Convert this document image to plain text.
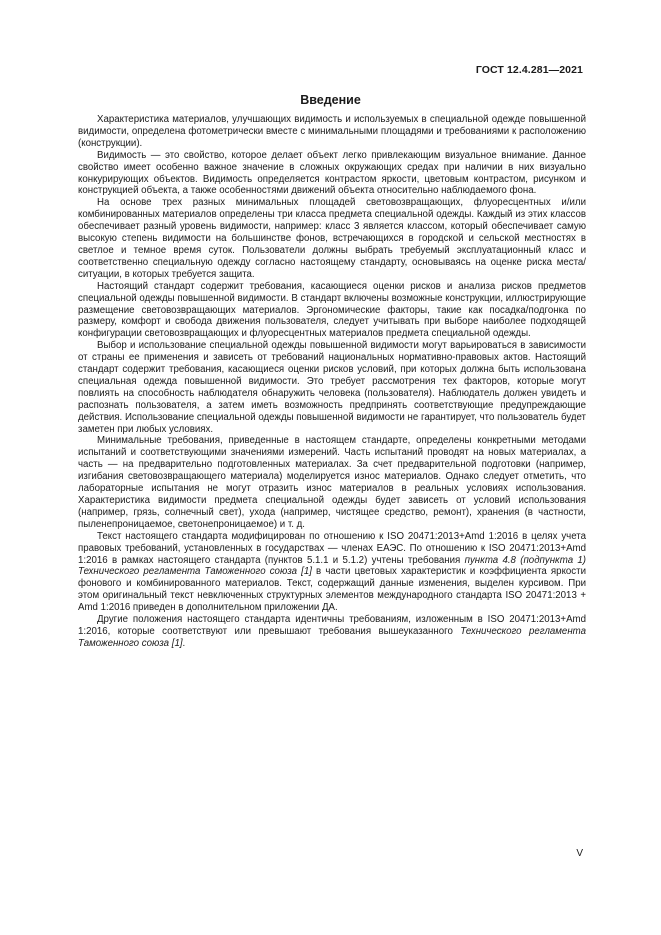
ГОСТ 12.4.281—2021
Введение

Характеристика материалов, улучшающих видимость и используемых в специальной одежде повышенной видимости, определена фотометрически вместе с минимальными площадями и требованиями к расположению (конструкции).

Видимость — это свойство, которое делает объект легко привлекающим визуальное внимание. Данное свойство имеет особенно важное значение в сложных окружающих средах при наличии в них визуально конкурирующих объектов. Видимость определяется контрастом яркости, цветовым контрастом, рисунком и конструкцией объекта, а также особенностями движений объекта относительно наблюдаемого фона.

На основе трех разных минимальных площадей световозвращающих, флуоресцентных и/или комбинированных материалов определены три класса предмета специальной одежды. Каждый из этих классов обеспечивает разный уровень видимости, например: класс 3 является классом, который обеспечивает самую высокую степень видимости на большинстве фонов, встречающихся в городской и сельской местностях в светлое и темное время суток. Пользователи должны выбрать требуемый эксплуатационный класс и соответственно специальную одежду согласно настоящему стандарту, основываясь на оценке риска места/ситуации, в которых требуется защита.

Настоящий стандарт содержит требования, касающиеся оценки рисков и анализа рисков предметов специальной одежды повышенной видимости. В стандарт включены возможные конструкции, иллюстрирующие размещение световозвращающих материалов. Эргономические факторы, такие как посадка/подгонка по размеру, комфорт и свобода движения пользователя, следует учитывать при выборе наиболее подходящей конфигурации световозвращающих и флуоресцентных материалов предмета специальной одежды.

Выбор и использование специальной одежды повышенной видимости могут варьироваться в зависимости от страны ее применения и зависеть от требований национальных нормативно-правовых актов. Настоящий стандарт содержит требования, касающиеся оценки рисков условий, при которых должна быть использована специальная одежда повышенной видимости. Это требует рассмотрения тех факторов, которые могут повлиять на способность наблюдателя обнаружить человека (пользователя). Наблюдатель должен увидеть и распознать пользователя, а затем иметь возможность предпринять соответствующие предупреждающие действия. Использование специальной одежды повышенной видимости не гарантирует, что пользователь будет заметен при любых условиях.

Минимальные требования, приведенные в настоящем стандарте, определены конкретными методами испытаний и соответствующими значениями измерений. Часть испытаний проводят на новых материалах, а часть — на предварительно подготовленных материалах. За счет предварительной подготовки (например, изгибания световозвращающего материала) моделируется износ материалов. Однако следует отметить, что лабораторные испытания не могут отразить износ материалов в реальных условиях использования. Характеристика видимости предмета специальной одежды будет зависеть от условий использования (например, грязь, солнечный свет), ухода (например, чистящее средство, ремонт), хранения (в частности, пыленепроницаемое, светонепроницаемое) и т. д.

Текст настоящего стандарта модифицирован по отношению к ISO 20471:2013+Amd 1:2016 в целях учета правовых требований, установленных в государствах — членах ЕАЭС. По отношению к ISO 20471:2013+Amd 1:2016 в рамках настоящего стандарта (пунктов 5.1.1 и 5.1.2) учтены требования пункта 4.8 (подпункта 1) Технического регламента Таможенного союза [1] в части цветовых характеристик и коэффициента яркости фонового и комбинированного материалов. Текст, содержащий данные изменения, выделен курсивом. При этом оригинальный текст невключенных структурных элементов международного стандарта ISO 20471:2013 + Amd 1:2016 приведен в дополнительном приложении ДА.

Другие положения настоящего стандарта идентичны требованиям, изложенным в ISO 20471:2013+Amd 1:2016, которые соответствуют или превышают требования вышеуказанного Технического регламента Таможенного союза [1].

V
